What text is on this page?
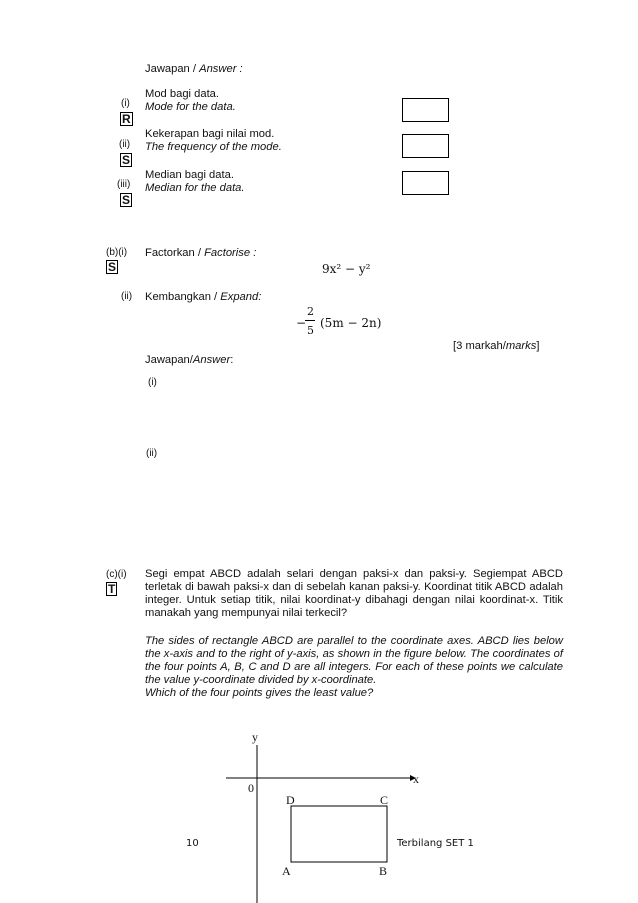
Jawapan / Answer :
(i)
R
Mod bagi data.
Mode for the data.
(ii)
S
Kekerapan bagi nilai mod.
The frequency of the mode.
(iii)
S
Median bagi data.
Median for the data.
(b)(i)
S
Factorkan / Factorise :
9x² − y²
(ii) Kembangkan / Expand:
−
2
5
(5m − 2n)
[3 markah/marks]
Jawapan/Answer:
(i)
(ii)
(c)(i)
T
Segi empat ABCD adalah selari dengan paksi-x dan paksi-y. Segiempat ABCD terletak di bawah paksi-x dan di sebelah kanan paksi-y. Koordinat titik ABCD adalah integer. Untuk setiap titik, nilai koordinat-y dibahagi dengan nilai koordinat-x. Titik manakah yang mempunyai nilai terkecil?
The sides of rectangle ABCD are parallel to the coordinate axes. ABCD lies below the x-axis and to the right of y-axis, as shown in the figure below. The coordinates of the four points A, B, C and D are all integers. For each of these points we calculate the value y-coordinate divided by x-coordinate.
Which of the four points gives the least value?
y
x
0
D	C
A	B
10	Terbilang SET 1
